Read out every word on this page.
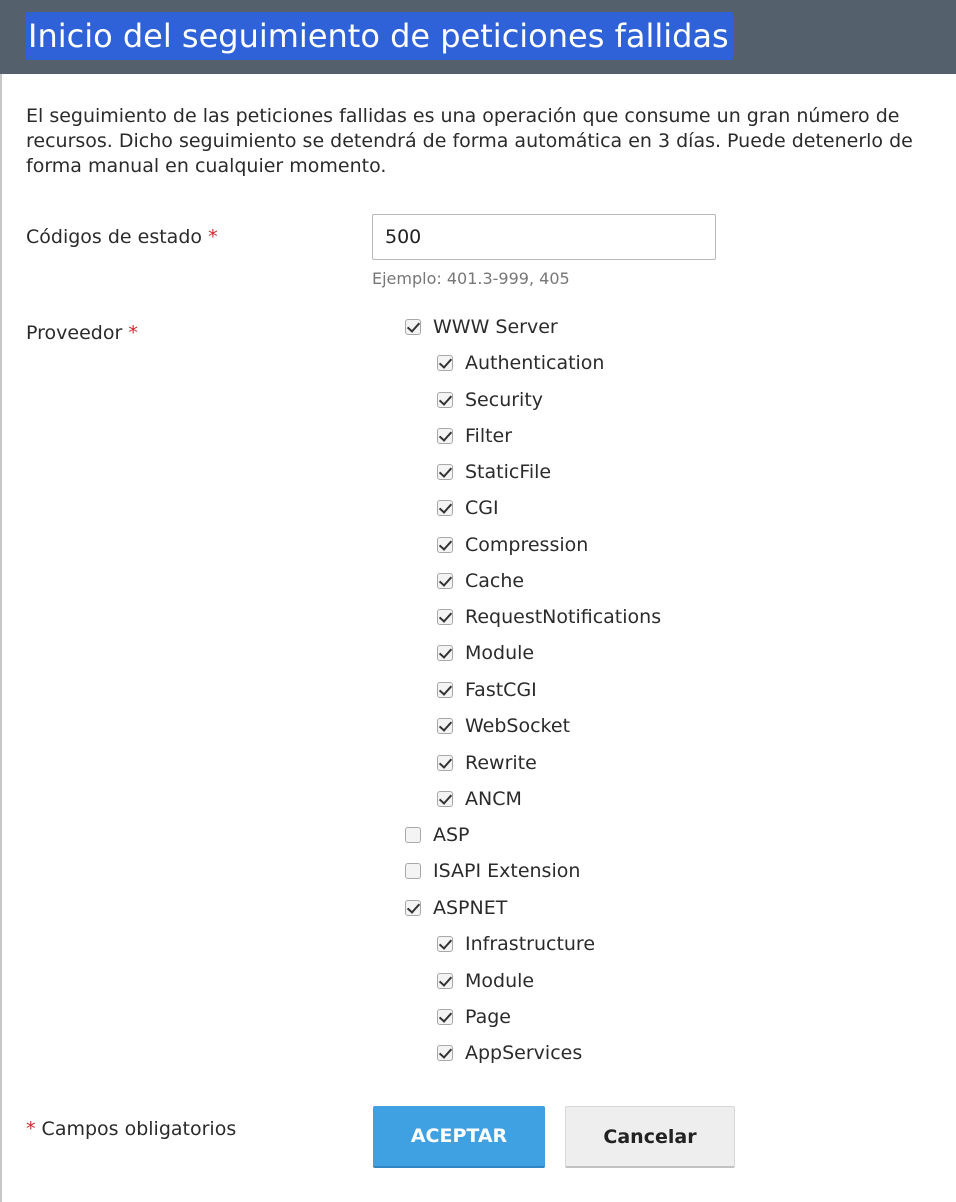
Inicio del seguimiento de peticiones fallidas
El seguimiento de las peticiones fallidas es una operación que consume un gran número de recursos. Dicho seguimiento se detendrá de forma automática en 3 días. Puede detenerlo de forma manual en cualquier momento.
Códigos de estado *
500
Ejemplo: 401.3-999, 405
Proveedor *	WWW Server
Authentication
Security
Filter
StaticFile
CGI
Compression
Cache
RequestNotifications
Module
FastCGI
WebSocket
Rewrite
ANCM
ASP
ISAPI Extension
ASPNET
Infrastructure
Module
Page
AppServices
* Campos obligatorios	ACEPTAR	Cancelar
